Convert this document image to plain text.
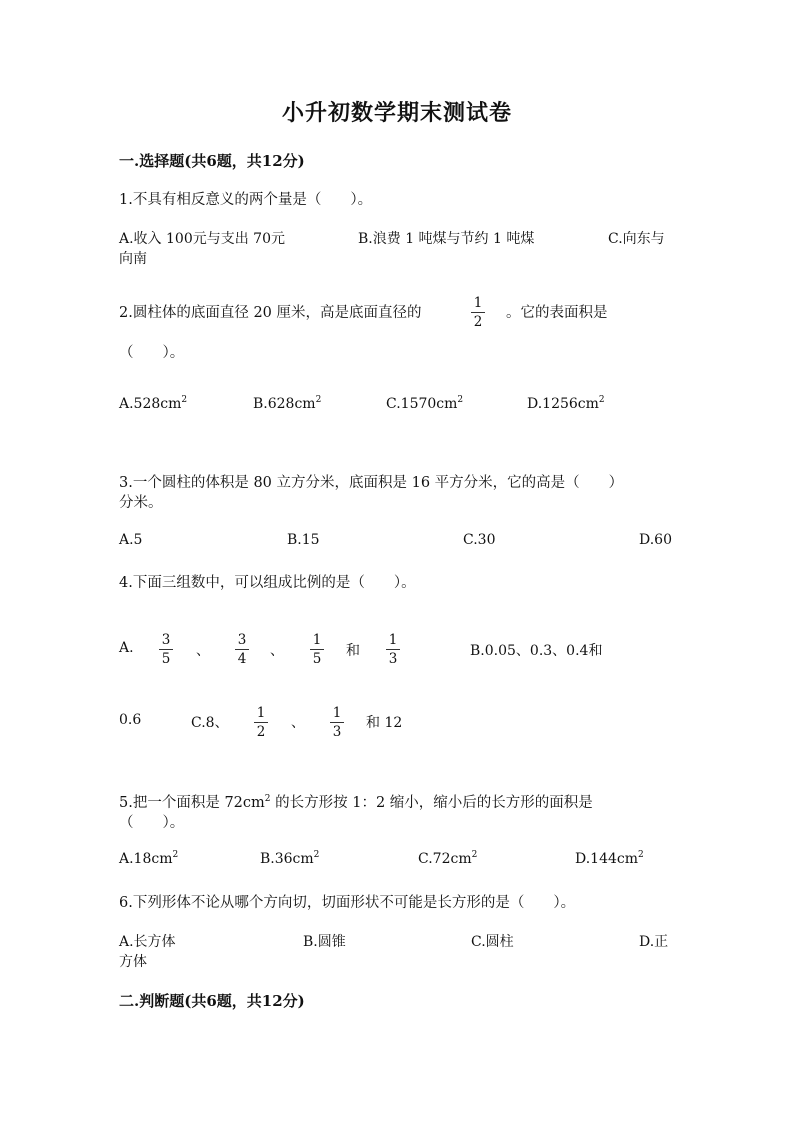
小升初数学期末测试卷
一.选择题(共6题，共12分)
1.不具有相反意义的两个量是（　　）。
A.收入 100元与支出 70元	B.浪费 1 吨煤与节约 1 吨煤	C.向东与
向南
2.圆柱体的底面直径 20 厘米，高是底面直径的
1
2
。它的表面积是
（　　）。
$A.528cm^2$	$B.628cm^2$	$C.1570cm^2$	$D.1256cm^2$
3.一个圆柱的体积是 80 立方分米，底面积是 16 平方分米，它的高是（　　）
分米。
A.5	B.15	C.30	D.60
4.下面三组数中，可以组成比例的是（　　）。
A.	3
5	、
3
4	、
1
5	和
1
3	B.0.05、0.3、0.4和
0.6	C.8、
1
2
、
1
3
和 12
5.把一个面积是 $72cm^2$ 的长方形按 1：2 缩小，缩小后的长方形的面积是
（　　）。
$A.18cm^2$	$B.36cm^2$	$C.72cm^2$	$D.144cm^2$
6.下列形体不论从哪个方向切，切面形状不可能是长方形的是（　　）。
A.长方体	B.圆锥	C.圆柱	D.正
方体
二.判断题(共6题，共12分)
